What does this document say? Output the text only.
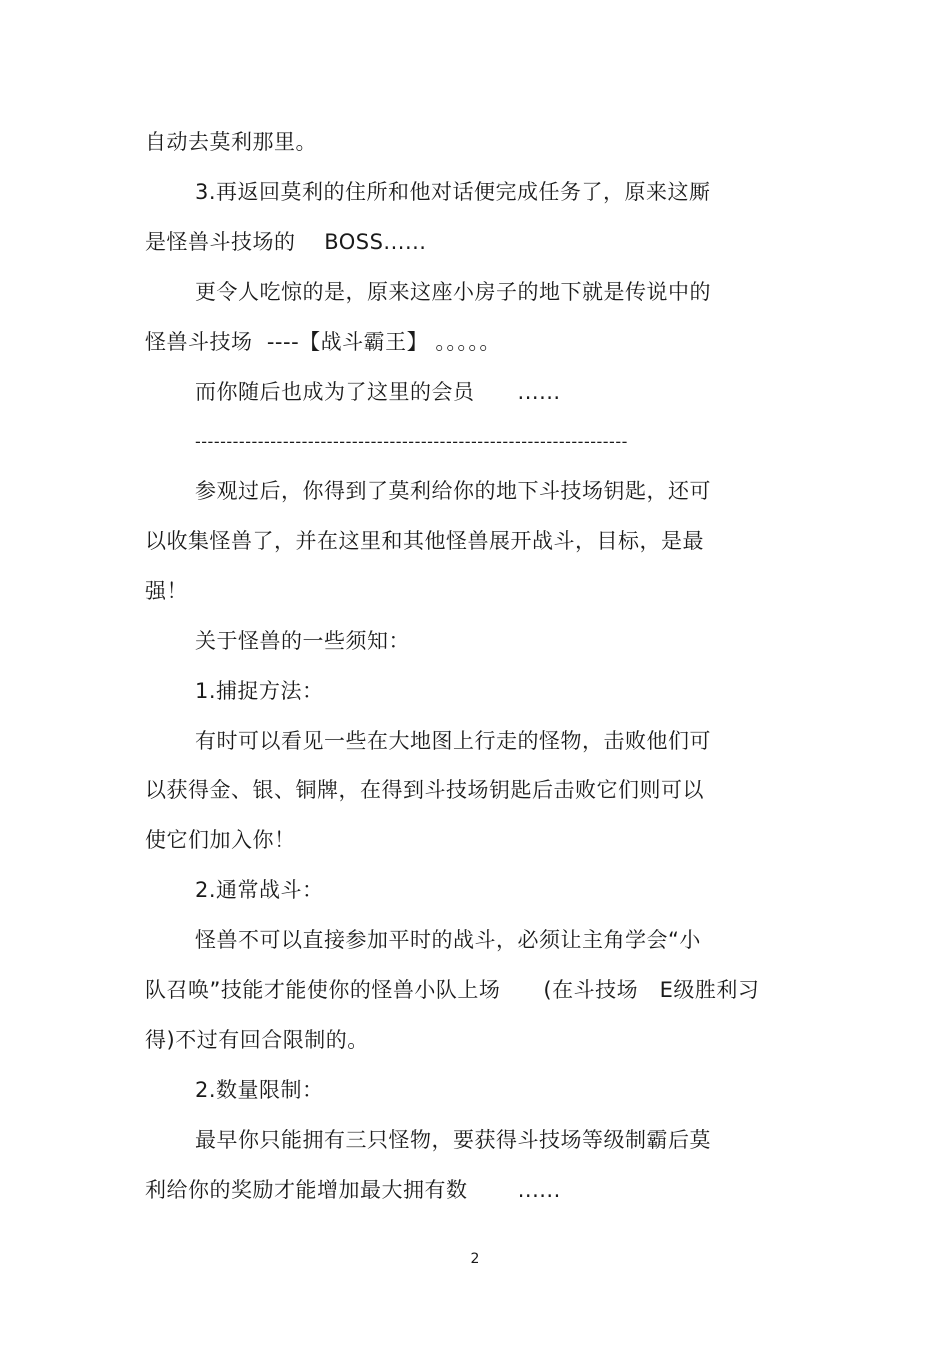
自动去莫利那里。
3.再返回莫利的住所和他对话便完成任务了，原来这厮
是怪兽斗技场的    BOSS......
更令人吃惊的是，原来这座小房子的地下就是传说中的
怪兽斗技场  ----【战斗霸王】 。。。。。
而你随后也成为了这里的会员      ......
---------------------------------------------------------------------
参观过后，你得到了莫利给你的地下斗技场钥匙，还可
以收集怪兽了，并在这里和其他怪兽展开战斗，目标，是最
强！
关于怪兽的一些须知：
1.捕捉方法：
有时可以看见一些在大地图上行走的怪物，击败他们可
以获得金、银、铜牌，在得到斗技场钥匙后击败它们则可以
使它们加入你！
2.通常战斗：
怪兽不可以直接参加平时的战斗，必须让主角学会“小
队召唤”技能才能使你的怪兽小队上场      (在斗技场   E级胜利习
得)不过有回合限制的。
2.数量限制：
最早你只能拥有三只怪物，要获得斗技场等级制霸后莫
利给你的奖励才能增加最大拥有数       ......
2
